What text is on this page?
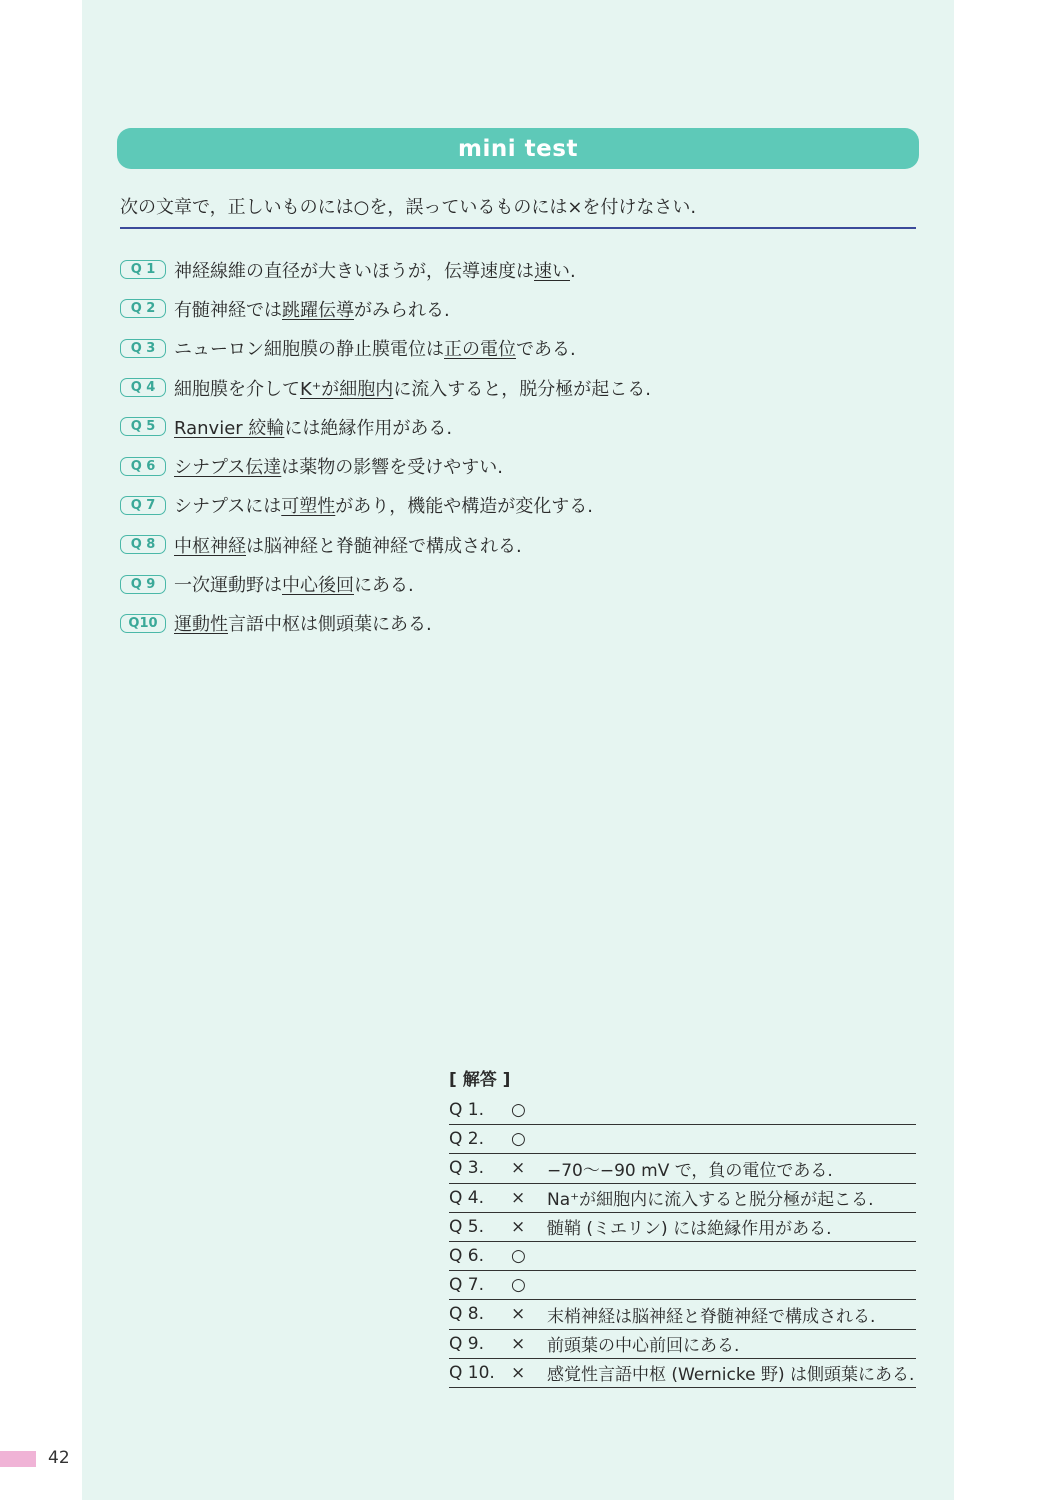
mini test
次の文章で，正しいものには○を，誤っているものには×を付けなさい.
Q 1	神経線維の直径が大きいほうが，伝導速度は速い.
Q 2	有髄神経では跳躍伝導がみられる.
Q 3	ニューロン細胞膜の静止膜電位は正の電位である.
Q 4	細胞膜を介してK⁺が細胞内に流入すると，脱分極が起こる.
Q 5	Ranvier 絞輪には絶縁作用がある.
Q 6	シナプス伝達は薬物の影響を受けやすい.
Q 7	シナプスには可塑性があり，機能や構造が変化する.
Q 8	中枢神経は脳神経と脊髄神経で構成される.
Q 9	一次運動野は中心後回にある.
Q10 運動性言語中枢は側頭葉にある.
[ 解答 ]
Q 1.	○
Q 2.	○
Q 3.	×	−70〜−90 mV で，負の電位である.
Q 4.	×	Na⁺が細胞内に流入すると脱分極が起こる.
Q 5.	×	髄鞘 (ミエリン) には絶縁作用がある.
Q 6.	○
Q 7.	○
Q 8.	×	末梢神経は脳神経と脊髄神経で構成される.
Q 9.	×	前頭葉の中心前回にある.
Q 10. ×	感覚性言語中枢 (Wernicke 野) は側頭葉にある.
42
